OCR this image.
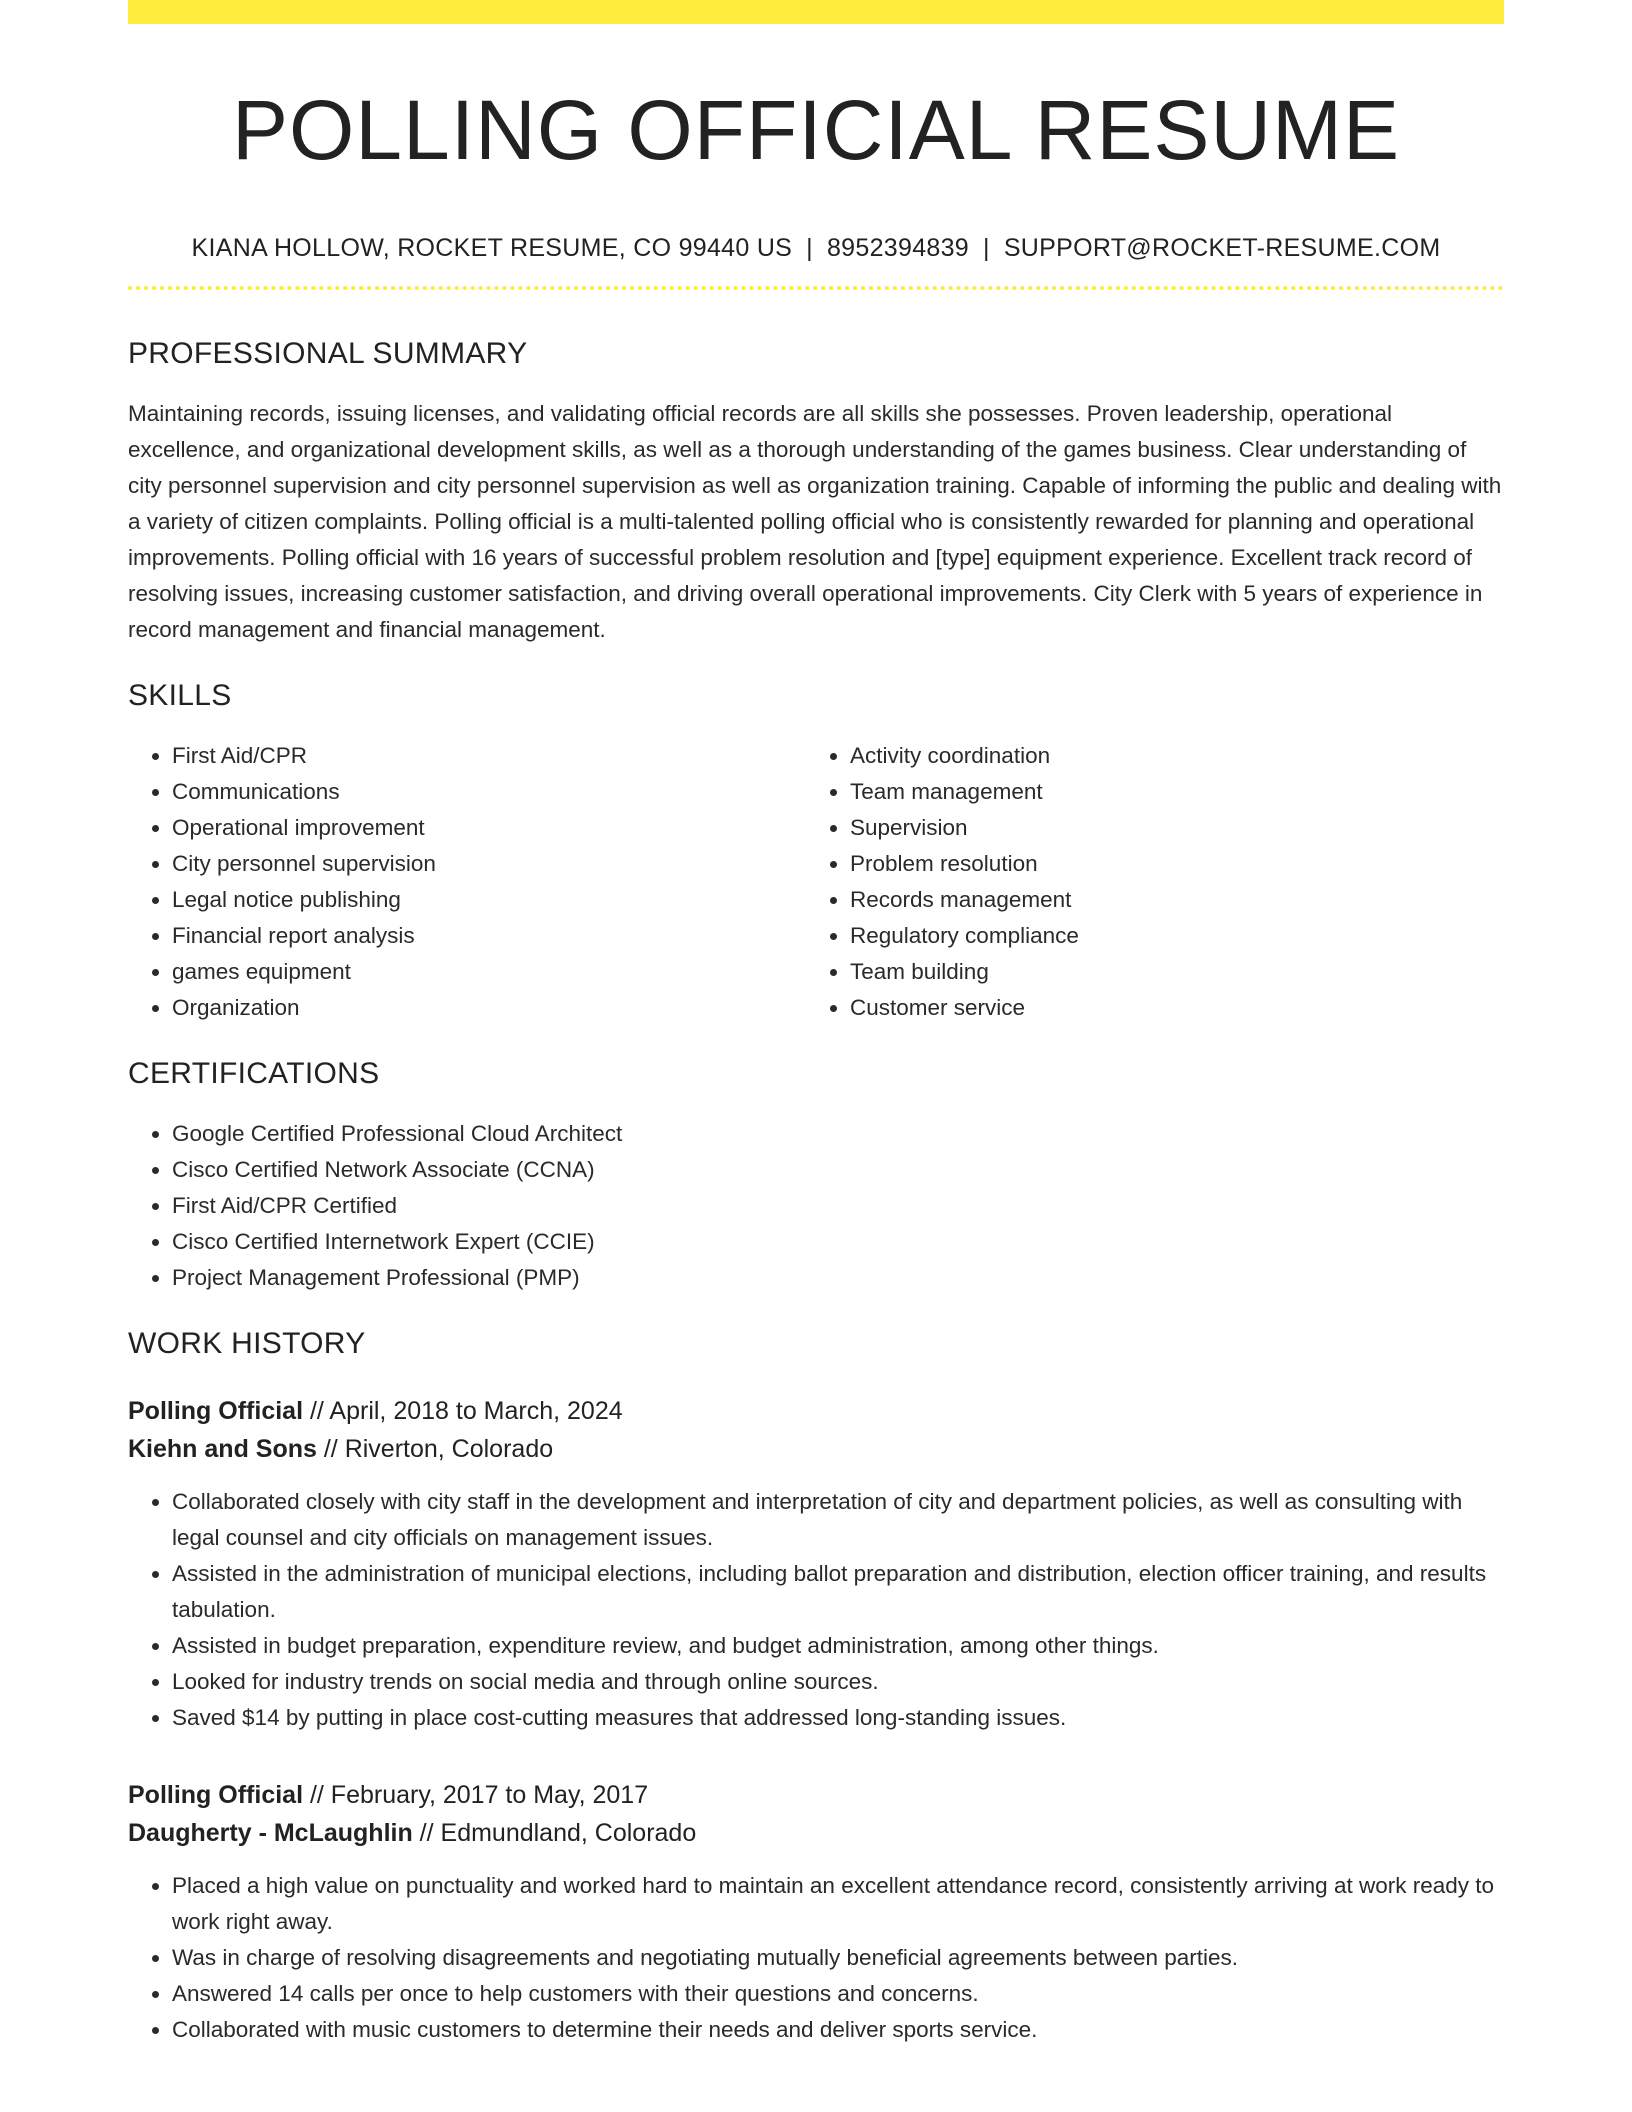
POLLING OFFICIAL RESUME
KIANA HOLLOW, ROCKET RESUME, CO 99440 US | 8952394839 | SUPPORT@ROCKET-RESUME.COM
PROFESSIONAL SUMMARY

Maintaining records, issuing licenses, and validating official records are all skills she possesses. Proven leadership, operational excellence, and organizational development skills, as well as a thorough understanding of the games business. Clear understanding of city personnel supervision and city personnel supervision as well as organization training. Capable of informing the public and dealing with a variety of citizen complaints. Polling official is a multi-talented polling official who is consistently rewarded for planning and operational improvements. Polling official with 16 years of successful problem resolution and [type] equipment experience. Excellent track record of resolving issues, increasing customer satisfaction, and driving overall operational improvements. City Clerk with 5 years of experience in record management and financial management.

SKILLS
• First Aid/CPR
• Communications
• Operational improvement
• City personnel supervision
• Legal notice publishing
• Financial report analysis
• games equipment
• Organization
• Activity coordination
• Team management
• Supervision
• Problem resolution
• Records management
• Regulatory compliance
• Team building
• Customer service
CERTIFICATIONS
• Google Certified Professional Cloud Architect
• Cisco Certified Network Associate (CCNA)
• First Aid/CPR Certified
• Cisco Certified Internetwork Expert (CCIE)
• Project Management Professional (PMP)
WORK HISTORY
Polling Official // April, 2018 to March, 2024
Kiehn and Sons // Riverton, Colorado
• Collaborated closely with city staff in the development and interpretation of city and department policies, as well as consulting with legal counsel and city officials on management issues.
• Assisted in the administration of municipal elections, including ballot preparation and distribution, election officer training, and results tabulation.
• Assisted in budget preparation, expenditure review, and budget administration, among other things.
• Looked for industry trends on social media and through online sources.
• Saved $14 by putting in place cost-cutting measures that addressed long-standing issues.
Polling Official // February, 2017 to May, 2017
Daugherty - McLaughlin // Edmundland, Colorado
• Placed a high value on punctuality and worked hard to maintain an excellent attendance record, consistently arriving at work ready to work right away.
• Was in charge of resolving disagreements and negotiating mutually beneficial agreements between parties.
• Answered 14 calls per once to help customers with their questions and concerns.
• Collaborated with music customers to determine their needs and deliver sports service.
